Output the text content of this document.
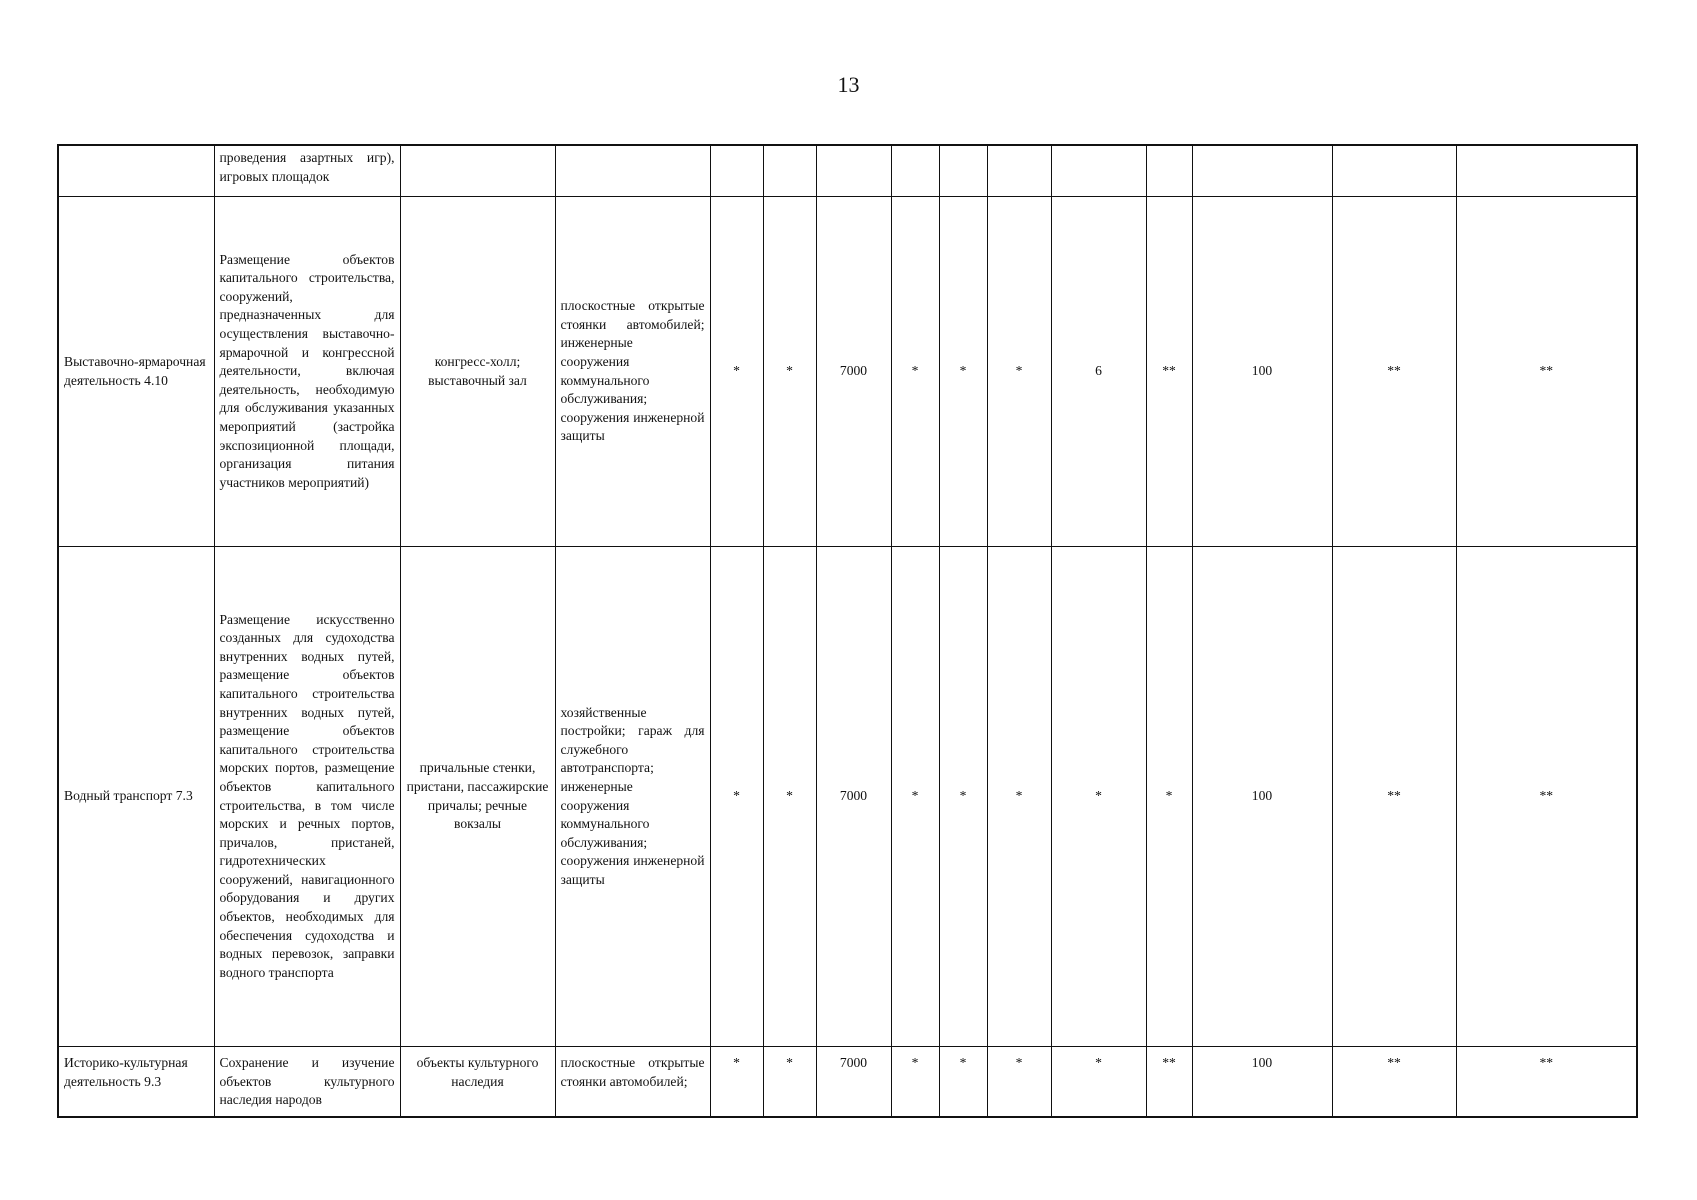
13
	проведения азартных игр), игровых площадок													
Выставочно-ярмарочная деятельность 4.10	Размещение объектов капитального строительства, сооружений, предназначенных для осуществления выставочно-ярмарочной и конгрессной деятельности, включая деятельность, необходимую для обслуживания указанных мероприятий (застройка экспозиционной площади, организация питания участников мероприятий)	конгресс-холл; выставочный зал	плоскостные открытые стоянки автомобилей; инженерные сооружения коммунального обслуживания; сооружения инженерной защиты	*	*	7000	*	*	*	6	**	100	**	**
Водный транспорт 7.3	Размещение искусственно созданных для судоходства внутренних водных путей, размещение объектов капитального строительства внутренних водных путей, размещение объектов капитального строительства морских портов, размещение объектов капитального строительства, в том числе морских и речных портов, причалов, пристаней, гидротехнических сооружений, навигационного оборудования и других объектов, необходимых для обеспечения судоходства и водных перевозок, заправки водного транспорта	причальные стенки, пристани, пассажирские причалы; речные вокзалы	хозяйственные постройки; гараж для служебного автотранспорта; инженерные сооружения коммунального обслуживания; сооружения инженерной защиты	*	*	7000	*	*	*	*	*	100	**	**
Историко-культурная деятельность 9.3	Сохранение и изучение объектов культурного наследия народов	объекты культурного наследия	плоскостные открытые стоянки автомобилей;	*	*	7000	*	*	*	*	**	100	**	**
